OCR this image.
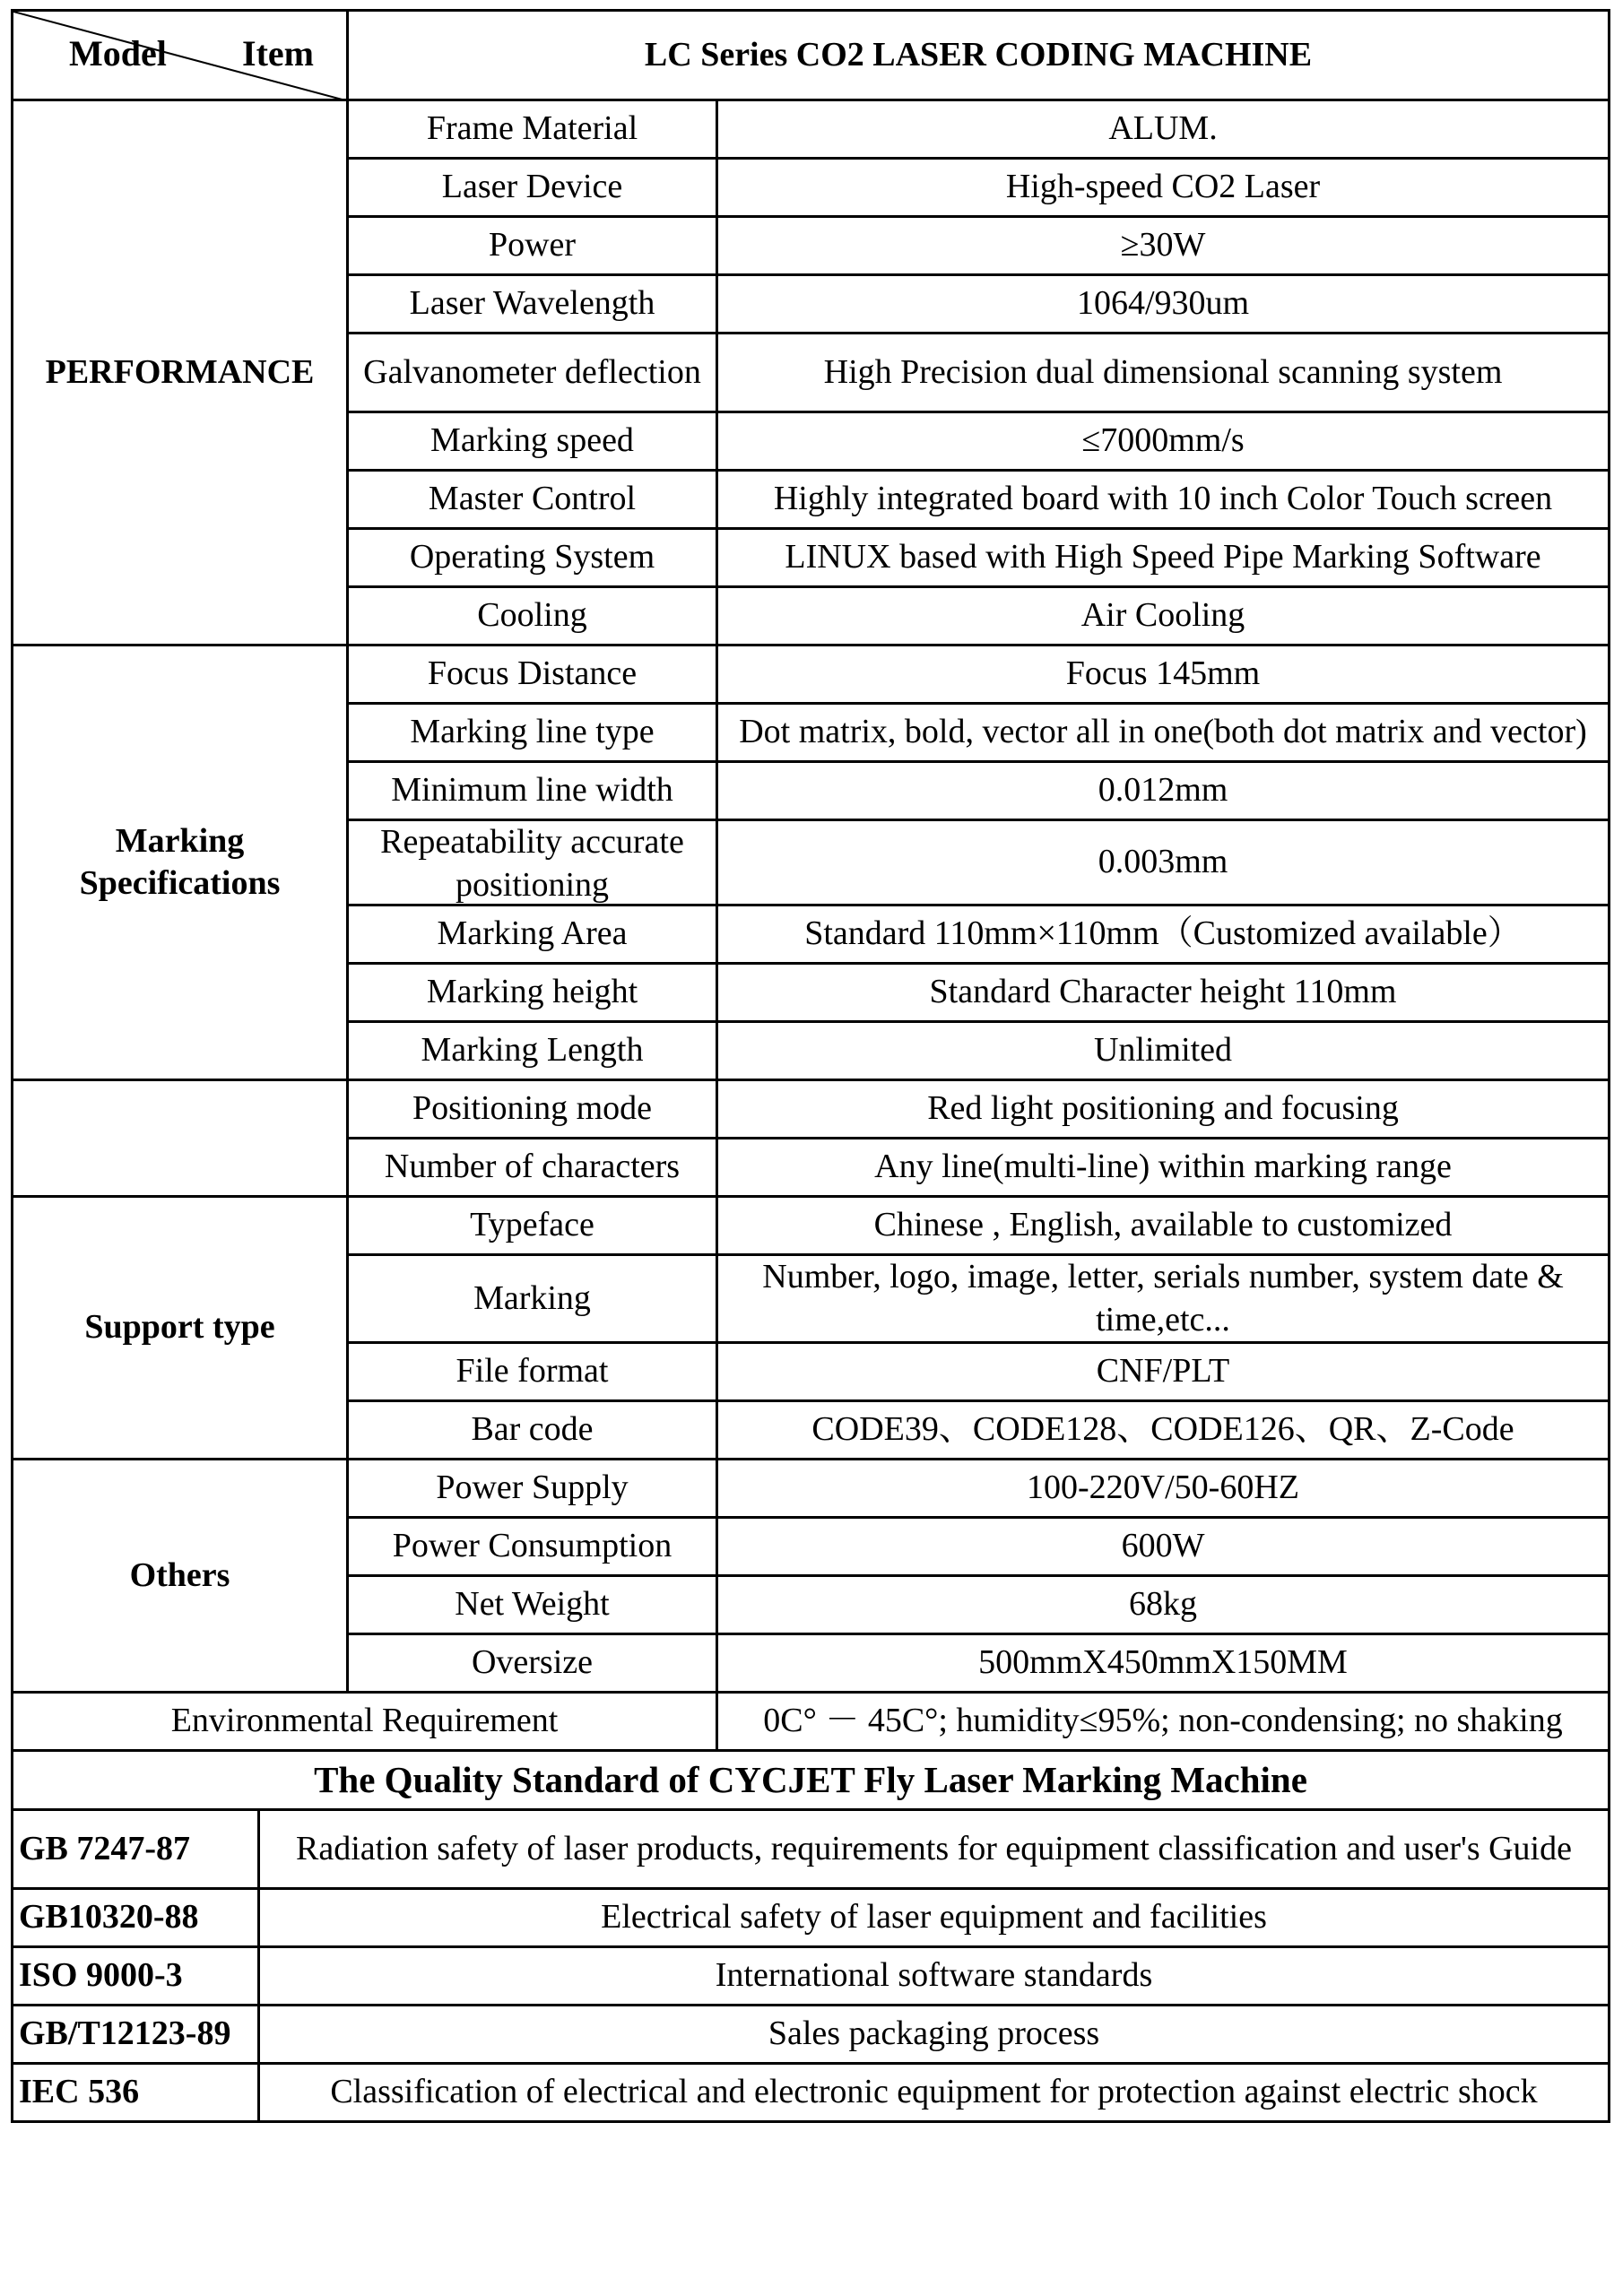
Model Item	LC Series CO2 LASER CODING MACHINE	
PERFORMANCE	Frame Material	ALUM.
	Laser Device	High-speed CO2 Laser
	Power	≥30W
	Laser Wavelength	1064/930um

	Galvanometer deflection	High Precision dual dimensional scanning system
	Marking speed	≤7000mm/s
	Master Control	Highly integrated board with 10 inch Color Touch screen
	Operating System	LINUX based with High Speed Pipe Marking Software
	Cooling	Air Cooling
Marking Specifications	Focus Distance	Focus 145mm
	Marking line type	Dot matrix, bold, vector all in one(both dot matrix and vector)

	Minimum line width	0.012mm

	Repeatability accurate positioning	0.003mm
	Marking Area	Standard 110mm×110mm（Customized available）
	Marking height	Standard Character height 110mm
	Marking Length	Unlimited
	Positioning mode	Red light positioning and focusing
	Number of characters	Any line(multi-line) within marking range
Support type	Typeface	Chinese , English, available to customized
	Marking	Number, logo, image, letter, serials number, system date & time,etc...
	File format	CNF/PLT
	Bar code	CODE39、CODE128、CODE126、QR、Z-Code
Others	Power Supply	100-220V/50-60HZ
	Power Consumption	600W
	Net Weight	68kg
	Oversize	500mmX450mmX150MM
Environmental Requirement		0C° － 45C°; humidity≤95%; non-condensing; no shaking
The Quality Standard of CYCJET Fly Laser Marking Machine	
GB 7247-87	Radiation safety of laser products, requirements for equipment classification and user's Guide

GB10320-88	Electrical safety of laser equipment and facilities
ISO 9000-3	International software standards
GB/T12123-89	Sales packaging process
IEC 536	Classification of electrical and electronic equipment for protection against electric shock
